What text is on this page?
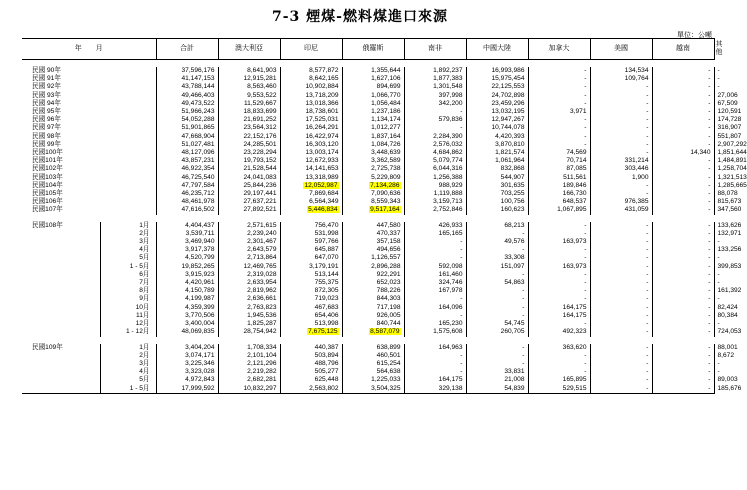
7-3 煙煤-燃料煤進口來源
單位：公噸
年　　月		合計	澳大利亞	印尼	俄羅斯	南非	中國大陸	加拿大	美國	越南	其他

民國 90年		37,596,176	8,641,903	8,577,872	1,355,644	1,892,237	16,993,986	-	134,534	-	-
民國 91年		41,147,153	12,915,281	8,642,165	1,627,106	1,877,383	15,975,454	-	109,764	-	-
民國 92年		43,788,144	8,563,460	10,902,884	894,699	1,301,548	22,125,553	-	-	-	-
民國 93年		49,466,403	9,553,522	13,718,209	1,066,770	397,998	24,702,898	-	-	-	27,006
民國 94年		49,473,522	11,529,667	13,018,366	1,056,484	342,200	23,459,296	-	-	-	67,509
民國 95年		51,966,243	18,833,699	18,738,601	1,237,186	-	13,032,195	3,971	-	-	120,591
民國 96年		54,052,288	21,691,252	17,525,031	1,134,174	579,836	12,947,267	-	-	-	174,728
民國 97年		51,901,865	23,564,312	16,264,291	1,012,277	-	10,744,078	-	-	-	316,907
民國 98年		47,668,904	22,152,176	16,422,974	1,837,164	2,284,390	4,420,393	-	-	-	551,807
民國 99年		51,027,481	24,285,501	16,303,120	1,084,726	2,576,032	3,870,810	-	-	-	2,907,292
民國100年		48,127,096	23,228,294	13,003,174	3,448,639	4,684,862	1,821,574	74,569	-	14,340	1,851,644
民國101年		43,857,231	19,793,152	12,672,933	3,362,589	5,079,774	1,061,964	70,714	331,214	-	1,484,891
民國102年		46,922,354	21,528,544	14,141,653	2,725,738	6,044,316	832,868	87,085	303,446	-	1,258,704
民國103年		46,725,540	24,041,083	13,318,989	5,229,809	1,256,388	544,907	511,561	1,900	-	1,321,513
民國104年		47,797,584	25,844,236	12,052,987	7,134,286	988,929	301,635	189,846	-	-	1,285,665
民國105年		46,235,712	29,197,441	7,869,684	7,090,636	1,119,888	703,255	166,730	-	-	88,078
民國106年		48,461,978	27,637,221	6,564,349	8,559,343	3,159,713	100,756	648,537	976,385	-	815,673
民國107年		47,616,502	27,892,521	5,446,834	9,517,164	2,752,846	160,623	1,067,895	431,059	-	347,560

民國108年	1月	4,404,437	2,571,615	756,470	447,580	426,933	68,213	-	-	-	133,626
	2月	3,539,711	2,239,240	531,998	470,337	165,165	-	-	-	-	132,971
	3月	3,469,940	2,301,467	597,766	357,158	-	49,576	163,973	-	-	-
	4月	3,917,378	2,643,579	645,887	494,656	-	-	-	-	-	133,256
	5月	4,520,799	2,713,864	647,070	1,126,557	-	33,308	-	-	-	-
	1 - 5月	19,852,265	12,469,765	3,179,191	2,896,288	592,098	151,097	163,973	-	-	399,853
	6月	3,915,923	2,319,028	513,144	922,291	161,460	-	-	-	-	-
	7月	4,420,961	2,633,954	755,375	652,023	324,746	54,863	-	-	-	-
	8月	4,150,789	2,819,962	872,305	788,226	167,978	-	-	-	-	161,392
	9月	4,199,987	2,636,661	719,023	844,303	-	-	-	-	-	-
	10月	4,359,399	2,763,823	467,683	717,198	164,096	-	164,175	-	-	82,424
	11月	3,770,506	1,945,536	654,406	926,005	-	-	164,175	-	-	80,384
	12月	3,400,004	1,825,287	513,998	840,744	165,230	54,745	-	-	-	-
	1 - 12月	48,069,835	28,754,942	7,675,125	8,587,079	1,575,608	260,705	492,323	-	-	724,053

民國109年	1月	3,404,204	1,708,334	440,387	638,899	164,963	-	363,620	-	-	88,001
	2月	3,074,171	2,101,104	503,894	460,501	-	-	-	-	-	8,672
	3月	3,225,346	2,121,296	488,796	615,254	-	-	-	-	-	-
	4月	3,323,028	2,219,282	505,277	564,638	-	33,831	-	-	-	-
	5月	4,972,843	2,682,281	625,448	1,225,033	164,175	21,008	165,895	-	-	89,003
	1 - 5月	17,999,592	10,832,297	2,563,802	3,504,325	329,138	54,839	529,515	-	-	185,676
